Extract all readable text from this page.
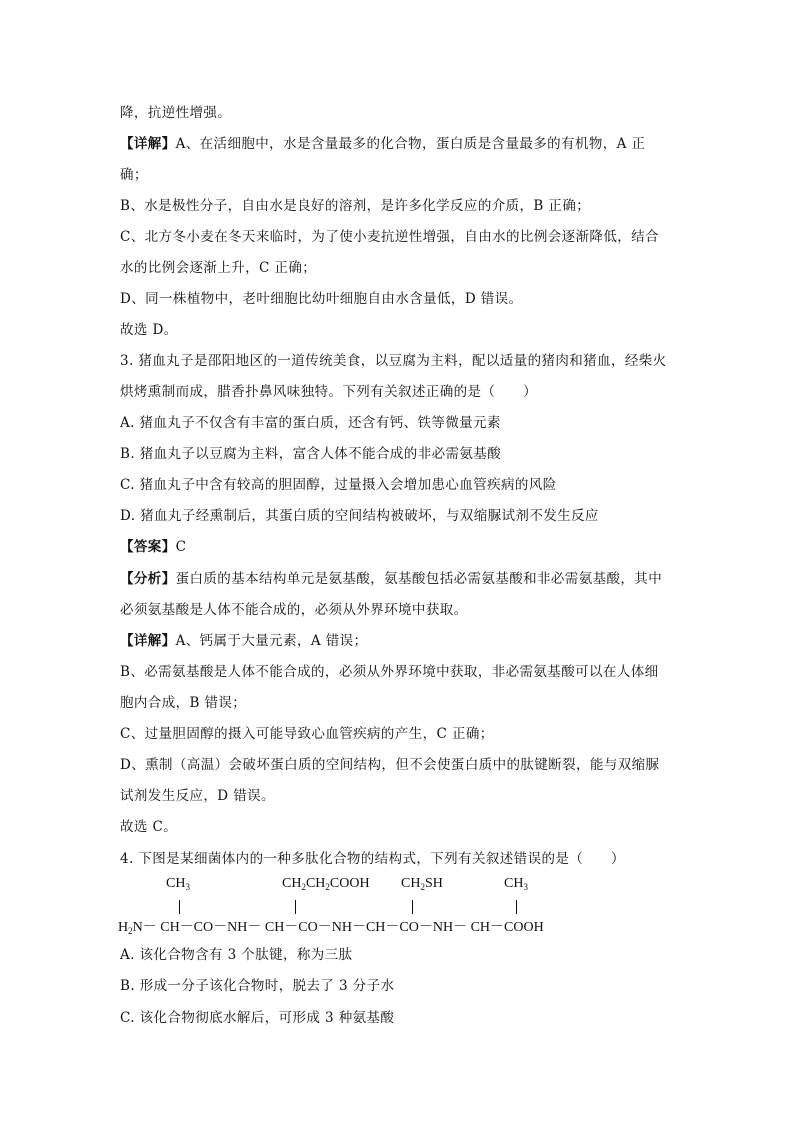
降，抗逆性增强。
【详解】A、在活细胞中，水是含量最多的化合物，蛋白质是含量最多的有机物，A 正
确；
B、水是极性分子，自由水是良好的溶剂，是许多化学反应的介质，B 正确；
C、北方冬小麦在冬天来临时，为了使小麦抗逆性增强，自由水的比例会逐渐降低，结合
水的比例会逐渐上升，C 正确；
D、同一株植物中，老叶细胞比幼叶细胞自由水含量低，D 错误。
故选 D。
3. 猪血丸子是邵阳地区的一道传统美食，以豆腐为主料，配以适量的猪肉和猪血，经柴火
烘烤熏制而成，腊香扑鼻风味独特。下列有关叙述正确的是（　　）
A. 猪血丸子不仅含有丰富的蛋白质，还含有钙、铁等微量元素
B. 猪血丸子以豆腐为主料，富含人体不能合成的非必需氨基酸
C. 猪血丸子中含有较高的胆固醇，过量摄入会增加患心血管疾病的风险
D. 猪血丸子经熏制后，其蛋白质的空间结构被破坏，与双缩脲试剂不发生反应
【答案】C
【分析】蛋白质的基本结构单元是氨基酸，氨基酸包括必需氨基酸和非必需氨基酸，其中
必须氨基酸是人体不能合成的，必须从外界环境中获取。
【详解】A、钙属于大量元素，A 错误；
B、必需氨基酸是人体不能合成的，必须从外界环境中获取，非必需氨基酸可以在人体细
胞内合成，B 错误；
C、过量胆固醇的摄入可能导致心血管疾病的产生，C 正确；
D、熏制（高温）会破坏蛋白质的空间结构，但不会使蛋白质中的肽键断裂，能与双缩脲
试剂发生反应，D 错误。
故选 C。
4. 下图是某细菌体内的一种多肽化合物的结构式，下列有关叙述错误的是（　　）
$CH_3$	$CH_2CH_2COOH$ $CH_2SH$	$CH_3$
$H_2N- CH-CO-NH- CH-CO-NH-CH-CO-NH-$ CH－COOH
A. 该化合物含有 3 个肽键，称为三肽
B. 形成一分子该化合物时，脱去了 3 分子水
C. 该化合物彻底水解后，可形成 3 种氨基酸
